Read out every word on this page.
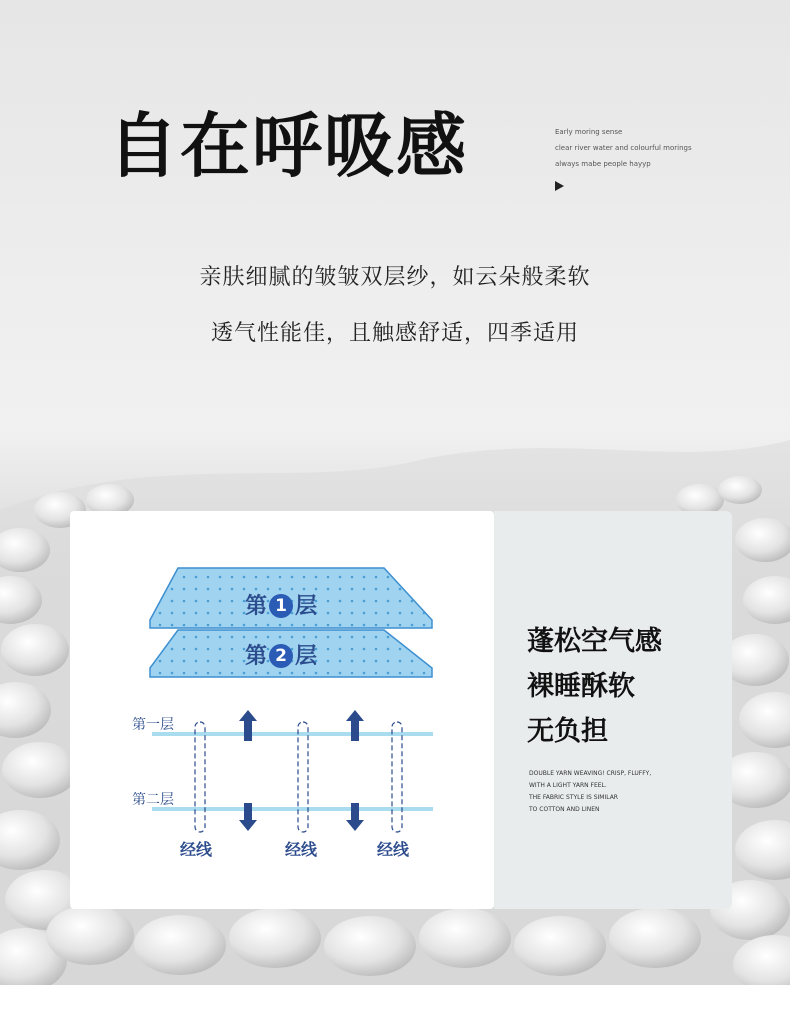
自在呼吸感	Early moring sense
clear river water and colourful morings
always mabe people hayyp
亲肤细腻的皱皱双层纱，如云朵般柔软
透气性能佳，且触感舒适，四季适用
第 1 层
第 2 层
第一层
第二层
经线	经线	经线
蓬松空气感
裸睡酥软
无负担
DOUBLE YARN WEAVING! CRISP, FLUFFY,
WITH A LIGHT YARN FEEL.
THE FABRIC STYLE IS SIMILAR
TO COTTON AND LINEN
